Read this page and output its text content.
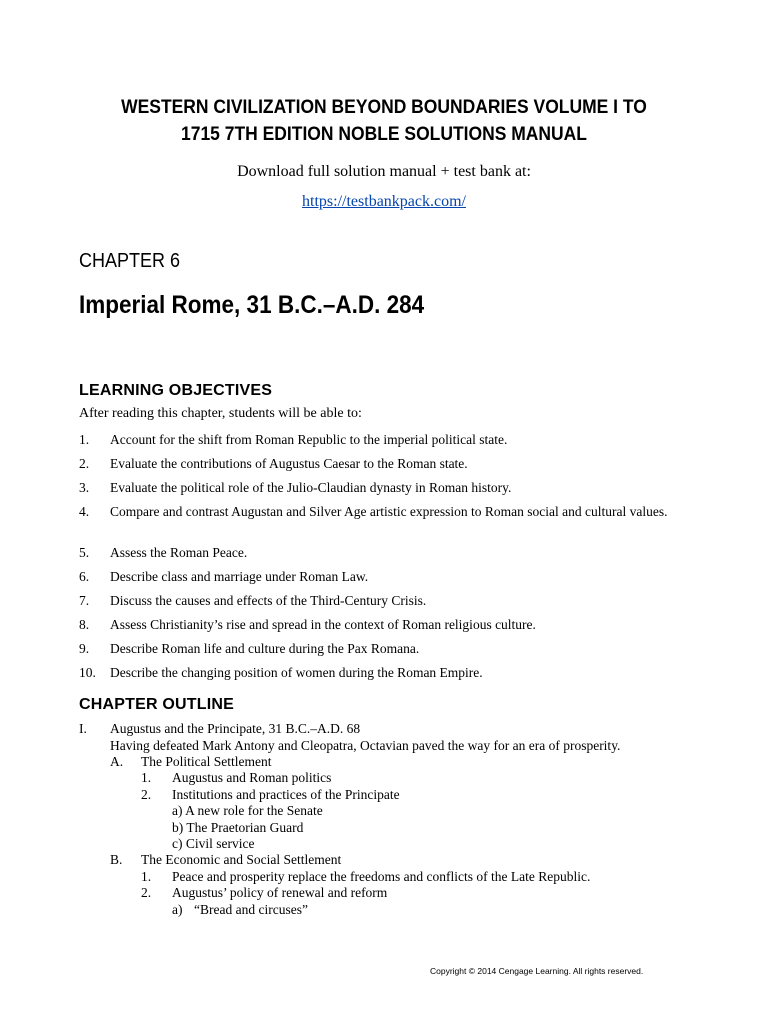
WESTERN CIVILIZATION BEYOND BOUNDARIES VOLUME I TO
1715 7TH EDITION NOBLE SOLUTIONS MANUAL
Download full solution manual + test bank at:
https://testbankpack.com/
CHAPTER 6
Imperial Rome, 31 B.C.–A.D. 284
LEARNING OBJECTIVES
After reading this chapter, students will be able to:
1. Account for the shift from Roman Republic to the imperial political state.
2. Evaluate the contributions of Augustus Caesar to the Roman state.
3. Evaluate the political role of the Julio-Claudian dynasty in Roman history.
4. Compare and contrast Augustan and Silver Age artistic expression to Roman social and cultural values.
5. Assess the Roman Peace.
6. Describe class and marriage under Roman Law.
7. Discuss the causes and effects of the Third-Century Crisis.
8. Assess Christianity’s rise and spread in the context of Roman religious culture.
9. Describe Roman life and culture during the Pax Romana.
10. Describe the changing position of women during the Roman Empire.
CHAPTER OUTLINE
I. Augustus and the Principate, 31 B.C.–A.D. 68
Having defeated Mark Antony and Cleopatra, Octavian paved the way for an era of prosperity.
A. The Political Settlement
1. Augustus and Roman politics
2. Institutions and practices of the Principate
a) A new role for the Senate
b) The Praetorian Guard
c) Civil service
B. The Economic and Social Settlement
1. Peace and prosperity replace the freedoms and conflicts of the Late Republic.
2. Augustus’ policy of renewal and reform
a) “Bread and circuses”
Copyright © 2014 Cengage Learning. All rights reserved.
